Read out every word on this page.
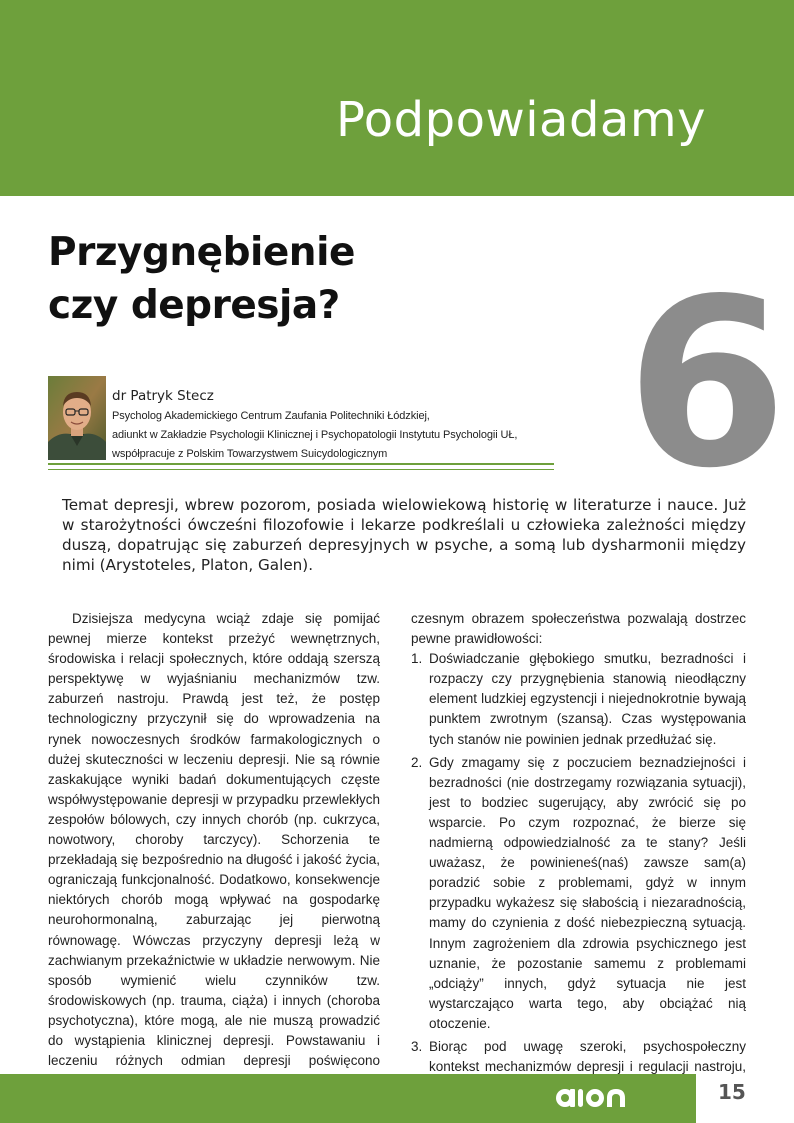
Podpowiadamy
Przygnębienie
czy depresja? 6
dr Patryk Stecz
Psycholog Akademickiego Centrum Zaufania Politechniki Łódzkiej,
adiunkt w Zakładzie Psychologii Klinicznej i Psychopatologii Instytutu Psychologii UŁ,
współpracuje z Polskim Towarzystwem Suicydologicznym

Temat depresji, wbrew pozorom, posiada wielowiekową historię w literaturze i nauce. Już w starożytności ówcześni filozofowie i lekarze podkreślali u człowieka zależności między duszą, dopatrując się zaburzeń depresyjnych w psyche, a somą lub dysharmonii między nimi (Arystoteles, Platon, Galen).

Dzisiejsza medycyna wciąż zdaje się pomijać pewnej mierze kontekst przeżyć wewnętrznych, środowiska i relacji społecznych, które oddają szerszą perspektywę w wyjaśnianiu mechanizmów tzw. zaburzeń nastroju. Prawdą jest też, że postęp technologiczny przyczynił się do wprowadzenia na rynek nowoczesnych środków farmakologicznych o dużej skuteczności w leczeniu depresji. Nie są równie zaskakujące wyniki badań dokumentujących częste współwystępowanie depresji w przypadku przewlekłych zespołów bólowych, czy innych chorób (np. cukrzyca, nowotwory, choroby tarczycy). Schorzenia te przekładają się bezpośrednio na długość i jakość życia, ograniczają funkcjonalność. Dodatkowo, konsekwencje niektórych chorób mogą wpływać na gospodarkę neurohormonalną, zaburzając jej pierwotną równowagę. Wówczas przyczyny depresji leżą w zachwianym przekaźnictwie w układzie nerwowym. Nie sposób wymienić wielu czynników tzw. środowiskowych (np. trauma, ciąża) i innych (choroba psychotyczna), które mogą, ale nie muszą prowadzić do wystąpienia klinicznej depresji. Powstawaniu i leczeniu różnych odmian depresji poświęcono

czesnym obrazem społeczeństwa pozwalają dostrzec pewne prawidłowości:

1. Doświadczanie głębokiego smutku, bezradności i rozpaczy czy przygnębienia stanowią nieodłączny element ludzkiej egzystencji i niejednokrotnie bywają punktem zwrotnym (szansą). Czas występowania tych stanów nie powinien jednak przedłużać się.
2. Gdy zmagamy się z poczuciem beznadziejności i bezradności (nie dostrzegamy rozwiązania sytuacji), jest to bodziec sugerujący, aby zwrócić się po wsparcie. Po czym rozpoznać, że bierze się nadmierną odpowiedzialność za te stany? Jeśli uważasz, że powinieneś(naś) zawsze sam(a) poradzić sobie z problemami, gdyż w innym przypadku wykażesz się słabością i niezaradnością, mamy do czynienia z dość niebezpieczną sytuacją. Innym zagrożeniem dla zdrowia psychicznego jest uznanie, że pozostanie samemu z problemami „odciąży” innych, gdyż sytuacja nie jest wystarczająco warta tego, aby obciążać nią otoczenie.
3. Biorąc pod uwagę szeroki, psychospołeczny kontekst mechanizmów depresji i regulacji nastroju,
15
